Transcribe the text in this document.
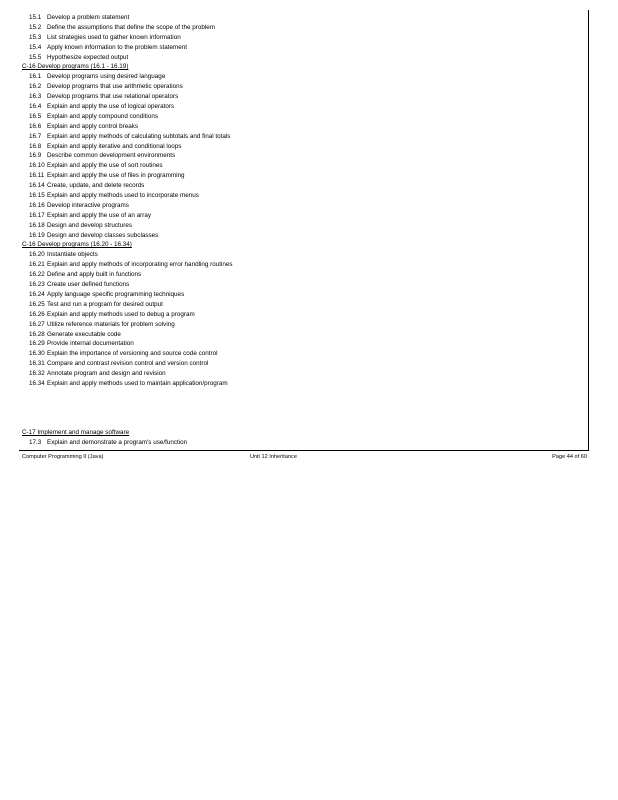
15.1 Develop a problem statement
15.2 Define the assumptions that define the scope of the problem
15.3 List strategies used to gather known information
15.4 Apply known information to the problem statement
15.5 Hypothesize expected output
C-16 Develop programs (16.1 - 16.19)
16.1 Develop programs using desired language
16.2 Develop programs that use arithmetic operations
16.3 Develop programs that use relational operators
16.4 Explain and apply the use of logical operators
16.5 Explain and apply compound conditions
16.6 Explain and apply control breaks
16.7 Explain and apply methods of calculating subtotals and final totals
16.8 Explain and apply iterative and conditional loops
16.9 Describe common development environments
16.10 Explain and apply the use of sort routines
16.11 Explain and apply the use of files in programming
16.14 Create, update, and delete records
16.15 Explain and apply methods used to incorporate menus
16.16 Develop interactive programs
16.17 Explain and apply the use of an array
16.18 Design and develop structures
16.19 Design and develop classes subclasses
C-16 Develop programs (16.20 - 16.34)
16.20 Instantiate objects
16.21 Explain and apply methods of incorporating error handling routines
16.22 Define and apply built in functions
16.23 Create user defined functions
16.24 Apply language specific programming techniques
16.25 Test and run a program for desired output
16.26 Explain and apply methods used to debug a program
16.27 Utilize reference materials for problem solving
16.28 Generate executable code
16.29 Provide internal documentation
16.30 Explain the importance of versioning and source code control
16.31 Compare and contrast revision control and version control
16.32 Annotate program and design and revision
16.34 Explain and apply methods used to maintain application/program
C-17 Implement and manage software
17.3 Explain and demonstrate a program's use/function
Computer Programming II (Java)	Unit 12 Inheritance	Page 44 of 60
